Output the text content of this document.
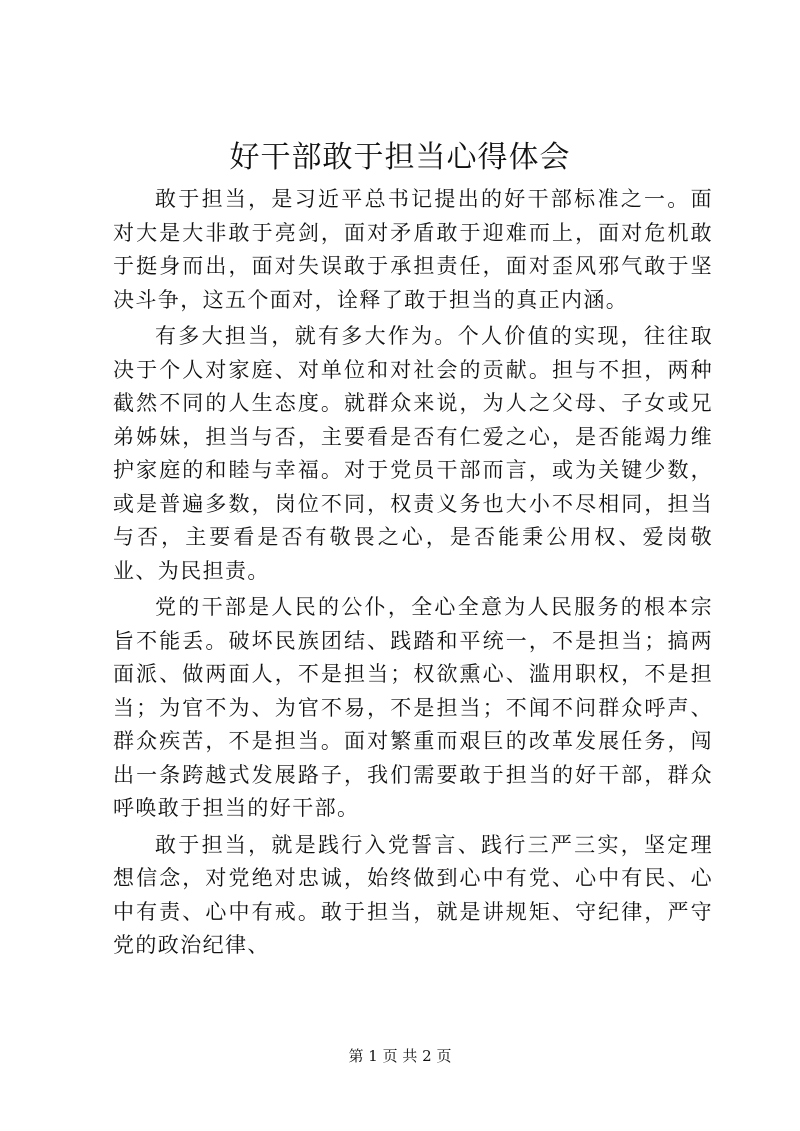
好干部敢于担当心得体会

敢于担当，是习近平总书记提出的好干部标准之一。面对大是大非敢于亮剑，面对矛盾敢于迎难而上，面对危机敢于挺身而出，面对失误敢于承担责任，面对歪风邪气敢于坚决斗争，这五个面对，诠释了敢于担当的真正内涵。

有多大担当，就有多大作为。个人价值的实现，往往取决于个人对家庭、对单位和对社会的贡献。担与不担，两种截然不同的人生态度。就群众来说，为人之父母、子女或兄弟姊妹，担当与否，主要看是否有仁爱之心，是否能竭力维护家庭的和睦与幸福。对于党员干部而言，或为关键少数，或是普遍多数，岗位不同，权责义务也大小不尽相同，担当与否，主要看是否有敬畏之心，是否能秉公用权、爱岗敬业、为民担责。

党的干部是人民的公仆，全心全意为人民服务的根本宗旨不能丢。破坏民族团结、践踏和平统一，不是担当；搞两面派、做两面人，不是担当；权欲熏心、滥用职权，不是担当；为官不为、为官不易，不是担当；不闻不问群众呼声、群众疾苦，不是担当。面对繁重而艰巨的改革发展任务，闯出一条跨越式发展路子，我们需要敢于担当的好干部，群众呼唤敢于担当的好干部。

敢于担当，就是践行入党誓言、践行三严三实，坚定理想信念，对党绝对忠诚，始终做到心中有党、心中有民、心中有责、心中有戒。敢于担当，就是讲规矩、守纪律，严守党的政治纪律、

第 1 页 共 2 页
